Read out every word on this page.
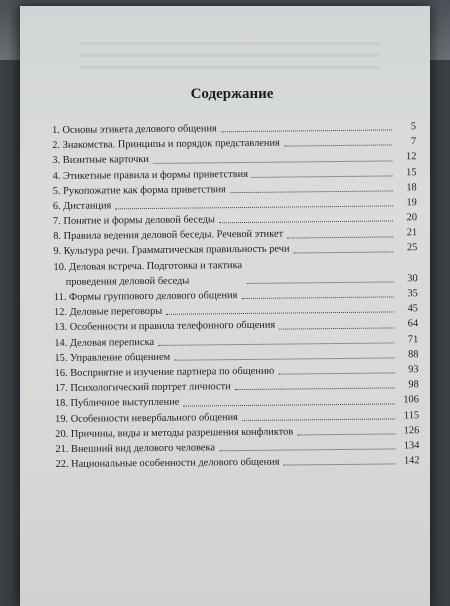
Содержание
1. Основы этикета делового общения	5
2. Знакомства. Принципы и порядок представления	7
3. Визитные карточки	12
4. Этикетные правила и формы приветствия	15
5. Рукопожатие как форма приветствия	18
6. Дистанция	19
7. Понятие и формы деловой беседы	20
8. Правила ведения деловой беседы. Речевой этикет	21
9. Культура речи. Грамматическая правильность речи	25
10. Деловая встреча. Подготовка и тактика
проведения деловой беседы	30
11. Формы группового делового общения	35
12. Деловые переговоры	45
13. Особенности и правила телефонного общения	64
14. Деловая переписка	71
15. Управление общением	88
16. Восприятие и изучение партнера по общению	93
17. Психологический портрет личности	98
18. Публичное выступление	106
19. Особенности невербального общения	115
20. Причины, виды и методы разрешения конфликтов	126
21. Внешний вид делового человека	134
22. Национальные особенности делового общения	142
